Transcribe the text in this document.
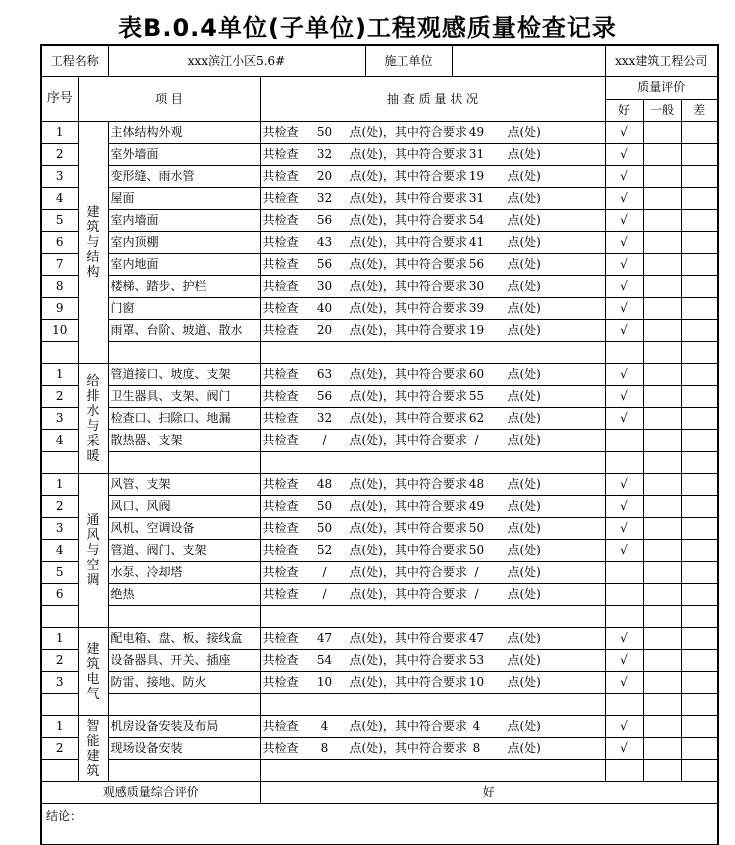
表B.0.4单位(子单位)工程观感质量检查记录
工程名称		xxx滨江小区5.6# 施工单位		xxx建筑工程公司		
序号	项 目		抽 查 质 量 状 况	质量评价		
				好	一般	差
1	建筑与结构	主体结构外观	共检查 50 点(处)，其中符合要求 49 点(处)	√		
2		室外墙面	共检查 32 点(处)，其中符合要求 31 点(处)	√		
3		变形缝、雨水管	共检查 20 点(处)，其中符合要求 19 点(处)	√		
4		屋面	共检查 32 点(处)，其中符合要求 31 点(处)	√		
5		室内墙面	共检查 56 点(处)，其中符合要求 54 点(处)	√		
6		室内顶棚	共检查 43 点(处)，其中符合要求 41 点(处)	√		
7		室内地面	共检查 56 点(处)，其中符合要求 56 点(处)	√		
8		楼梯、踏步、护栏	共检查 30 点(处)，其中符合要求 30 点(处)	√		
9		门窗	共检查 40 点(处)，其中符合要求 39 点(处)	√		
10		雨罩、台阶、坡道、散水	共检查 20 点(处)，其中符合要求 19 点(处)	√		

1	给排水与采暖	管道接口、坡度、支架	共检查 63 点(处)，其中符合要求 60 点(处)	√		
2		卫生器具、支架、阀门	共检查 56 点(处)，其中符合要求 55 点(处)	√		
3		检查口、扫除口、地漏	共检查 32 点(处)，其中符合要求 62 点(处)	√		
4		散热器、支架	共检查 / 点(处)，其中符合要求 / 点(处)			

1	通风与空调	风管、支架	共检查 48 点(处)，其中符合要求 48 点(处)	√		
2		风口、风阀	共检查 50 点(处)，其中符合要求 49 点(处)	√		
3		风机、空调设备	共检查 50 点(处)，其中符合要求 50 点(处)	√		
4		管道、阀门、支架	共检查 52 点(处)，其中符合要求 50 点(处)	√		
5		水泵、冷却塔	共检查 / 点(处)，其中符合要求 / 点(处)			

6		绝热	共检查 / 点(处)，其中符合要求 / 点(处)			

1	建筑电气	配电箱、盘、板、接线盒	共检查 47 点(处)，其中符合要求 47 点(处)	√		
2		设备器具、开关、插座	共检查 54 点(处)，其中符合要求 53 点(处)	√		
3		防雷、接地、防火	共检查 10 点(处)，其中符合要求 10 点(处)	√		

1	智能建筑	机房设备安装及布局	共检查 4 点(处)，其中符合要求 4 点(处)	√		
2		现场设备安装	共检查 8 点(处)，其中符合要求 8 点(处)	√		

观感质量综合评价			好			
结论：						
